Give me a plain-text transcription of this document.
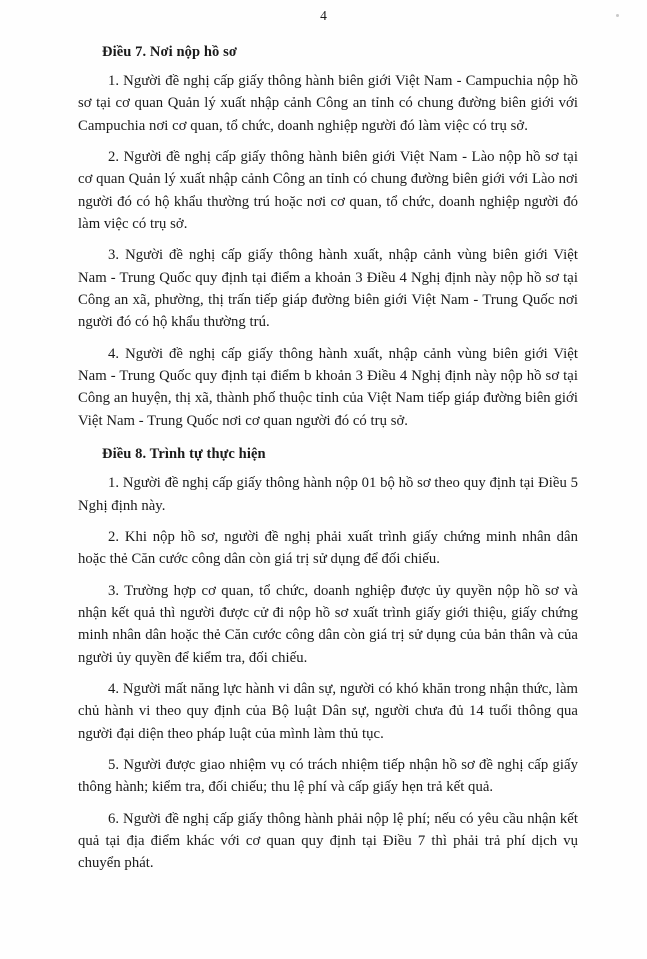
4
Điều 7. Nơi nộp hồ sơ

1. Người đề nghị cấp giấy thông hành biên giới Việt Nam - Campuchia nộp hồ sơ tại cơ quan Quản lý xuất nhập cảnh Công an tỉnh có chung đường biên giới với Campuchia nơi cơ quan, tổ chức, doanh nghiệp người đó làm việc có trụ sở.

2. Người đề nghị cấp giấy thông hành biên giới Việt Nam - Lào nộp hồ sơ tại cơ quan Quản lý xuất nhập cảnh Công an tỉnh có chung đường biên giới với Lào nơi người đó có hộ khẩu thường trú hoặc nơi cơ quan, tổ chức, doanh nghiệp người đó làm việc có trụ sở.

3. Người đề nghị cấp giấy thông hành xuất, nhập cảnh vùng biên giới Việt Nam - Trung Quốc quy định tại điểm a khoản 3 Điều 4 Nghị định này nộp hồ sơ tại Công an xã, phường, thị trấn tiếp giáp đường biên giới Việt Nam - Trung Quốc nơi người đó có hộ khẩu thường trú.

4. Người đề nghị cấp giấy thông hành xuất, nhập cảnh vùng biên giới Việt Nam - Trung Quốc quy định tại điểm b khoản 3 Điều 4 Nghị định này nộp hồ sơ tại Công an huyện, thị xã, thành phố thuộc tỉnh của Việt Nam tiếp giáp đường biên giới Việt Nam - Trung Quốc nơi cơ quan người đó có trụ sở.

Điều 8. Trình tự thực hiện

1. Người đề nghị cấp giấy thông hành nộp 01 bộ hồ sơ theo quy định tại Điều 5 Nghị định này.

2. Khi nộp hồ sơ, người đề nghị phải xuất trình giấy chứng minh nhân dân hoặc thẻ Căn cước công dân còn giá trị sử dụng để đối chiếu.

3. Trường hợp cơ quan, tổ chức, doanh nghiệp được ủy quyền nộp hồ sơ và nhận kết quả thì người được cử đi nộp hồ sơ xuất trình giấy giới thiệu, giấy chứng minh nhân dân hoặc thẻ Căn cước công dân còn giá trị sử dụng của bản thân và của người ủy quyền để kiểm tra, đối chiếu.

4. Người mất năng lực hành vi dân sự, người có khó khăn trong nhận thức, làm chủ hành vi theo quy định của Bộ luật Dân sự, người chưa đủ 14 tuổi thông qua người đại diện theo pháp luật của mình làm thủ tục.

5. Người được giao nhiệm vụ có trách nhiệm tiếp nhận hồ sơ đề nghị cấp giấy thông hành; kiểm tra, đối chiếu; thu lệ phí và cấp giấy hẹn trả kết quả.

6. Người đề nghị cấp giấy thông hành phải nộp lệ phí; nếu có yêu cầu nhận kết quả tại địa điểm khác với cơ quan quy định tại Điều 7 thì phải trả phí dịch vụ chuyển phát.
